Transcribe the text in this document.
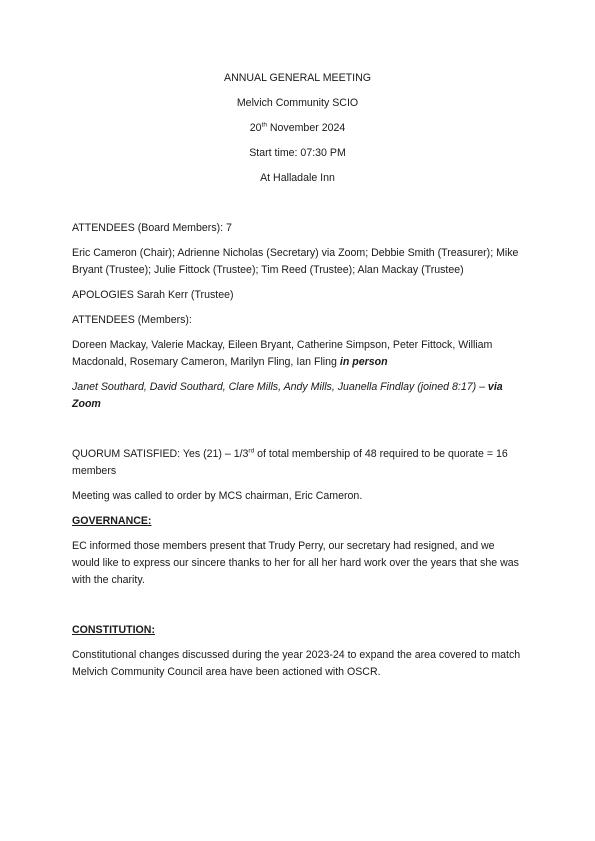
ANNUAL GENERAL MEETING

Melvich Community SCIO

20th November 2024

Start time: 07:30 PM

At Halladale Inn

ATTENDEES (Board Members): 7

Eric Cameron (Chair); Adrienne Nicholas (Secretary) via Zoom; Debbie Smith (Treasurer); Mike Bryant (Trustee); Julie Fittock (Trustee); Tim Reed (Trustee); Alan Mackay (Trustee)

APOLOGIES Sarah Kerr (Trustee)

ATTENDEES (Members):

Doreen Mackay, Valerie Mackay, Eileen Bryant, Catherine Simpson, Peter Fittock, William Macdonald, Rosemary Cameron, Marilyn Fling, Ian Fling in person

Janet Southard, David Southard, Clare Mills, Andy Mills, Juanella Findlay (joined 8:17) – via Zoom

QUORUM SATISFIED: Yes (21) – 1/3rd of total membership of 48 required to be quorate = 16 members

Meeting was called to order by MCS chairman, Eric Cameron.

GOVERNANCE:

EC informed those members present that Trudy Perry, our secretary had resigned, and we would like to express our sincere thanks to her for all her hard work over the years that she was with the charity.

CONSTITUTION:

Constitutional changes discussed during the year 2023-24 to expand the area covered to match Melvich Community Council area have been actioned with OSCR.
